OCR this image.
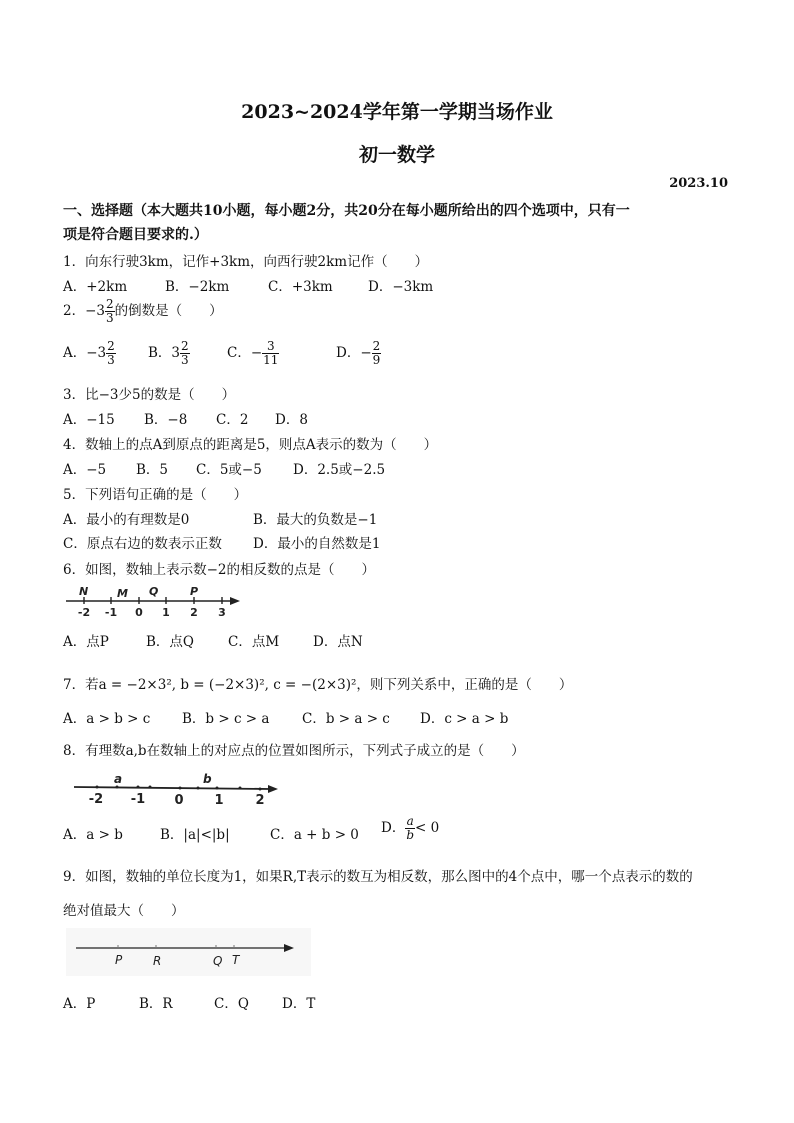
2023~2024学年第一学期当场作业
初一数学
2023.10
一、选择题（本大题共10小题，每小题2分，共20分在每小题所给出的四个选项中，只有一
项是符合题目要求的.）
1．向东行驶3km，记作+3km，向西行驶2km记作（　　）
A．+2km	B．−2km	C．+3km	D．−3km
2．$-3 \frac{2}{3}$ 的倒数是（　　）
A．$-3 \frac{2}{3}$ B．$3 \frac{2}{3}$	C．− $\frac{3}{11}$	D．− $\frac{2}{9}$
3．比−3少5的数是（　　）
A．−15 B．−8 C．2 D．8
4．数轴上的点A到原点的距离是5，则点A表示的数为（　　）
A．−5 B．5 C．5或−5 D．2.5或−2.5
5．下列语句正确的是（　　）
A．最小的有理数是0	B．最大的负数是−1
C．原点右边的数表示正数 D．最小的自然数是1
6．如图，数轴上表示数−2的相反数的点是（　　）
N	M Q	P
-2 -1 0 1 2 3
A．点P	B．点Q	C．点M	D．点N
7．若a = −2×3², b = (−2×3)², c = −(2×3)²，则下列关系中，正确的是（　　）
A．a > b > c B．b > c > a C．b > a > c D．c > a > b
8．有理数a,b在数轴上的对应点的位置如图所示，下列式子成立的是（　　）
a	b
-2 -1 0 1 2
A．a > b	B．|a|<|b|	C．a + b > 0 D． $\frac{a}{b} < 0$
9．如图，数轴的单位长度为1，如果R,T表示的数互为相反数，那么图中的4个点中，哪一个点表示的数的
绝对值最大（　　）
P	R	Q T
A．P	B．R	C．Q D．T
